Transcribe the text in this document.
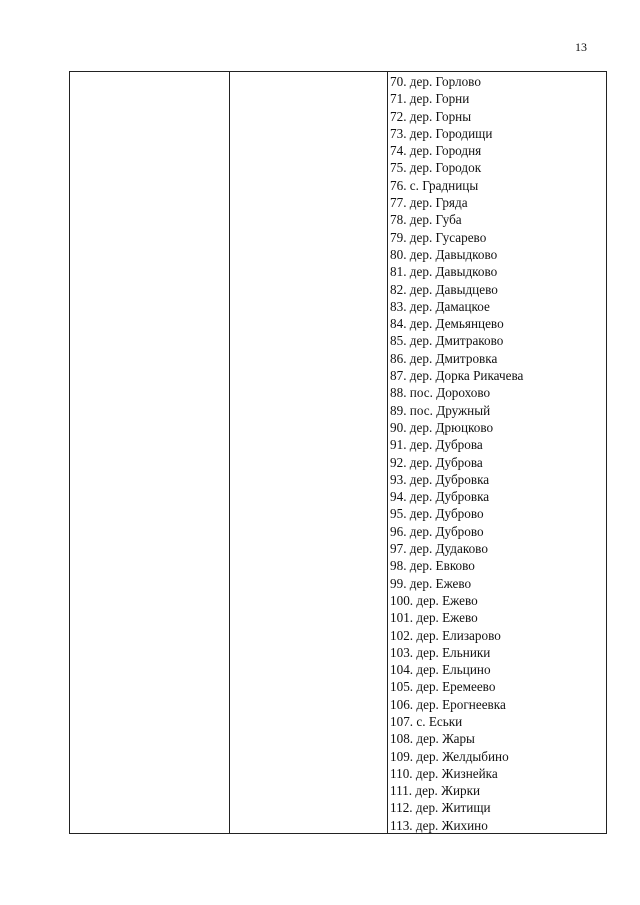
13
70. дер. Горлово
71. дер. Горни
72. дер. Горны
73. дер. Городищи
74. дер. Городня
75. дер. Городок
76. с. Градницы
77. дер. Гряда
78. дер. Губа
79. дер. Гусарево
80. дер. Давыдково
81. дер. Давыдково
82. дер. Давыдцево
83. дер. Дамацкое
84. дер. Демьянцево
85. дер. Дмитраково
86. дер. Дмитровка
87. дер. Дорка Рикачева
88. пос. Дорохово
89. пос. Дружный
90. дер. Дрюцково
91. дер. Дуброва
92. дер. Дуброва
93. дер. Дубровка
94. дер. Дубровка
95. дер. Дуброво
96. дер. Дуброво
97. дер. Дудаково
98. дер. Евково
99. дер. Ежево
100. дер. Ежево
101. дер. Ежево
102. дер. Елизарово
103. дер. Ельники
104. дер. Ельцино
105. дер. Еремеево
106. дер. Ерогнеевка
107. с. Еськи
108. дер. Жары
109. дер. Желдыбино
110. дер. Жизнейка
111. дер. Жирки
112. дер. Житищи
113. дер. Жихино
